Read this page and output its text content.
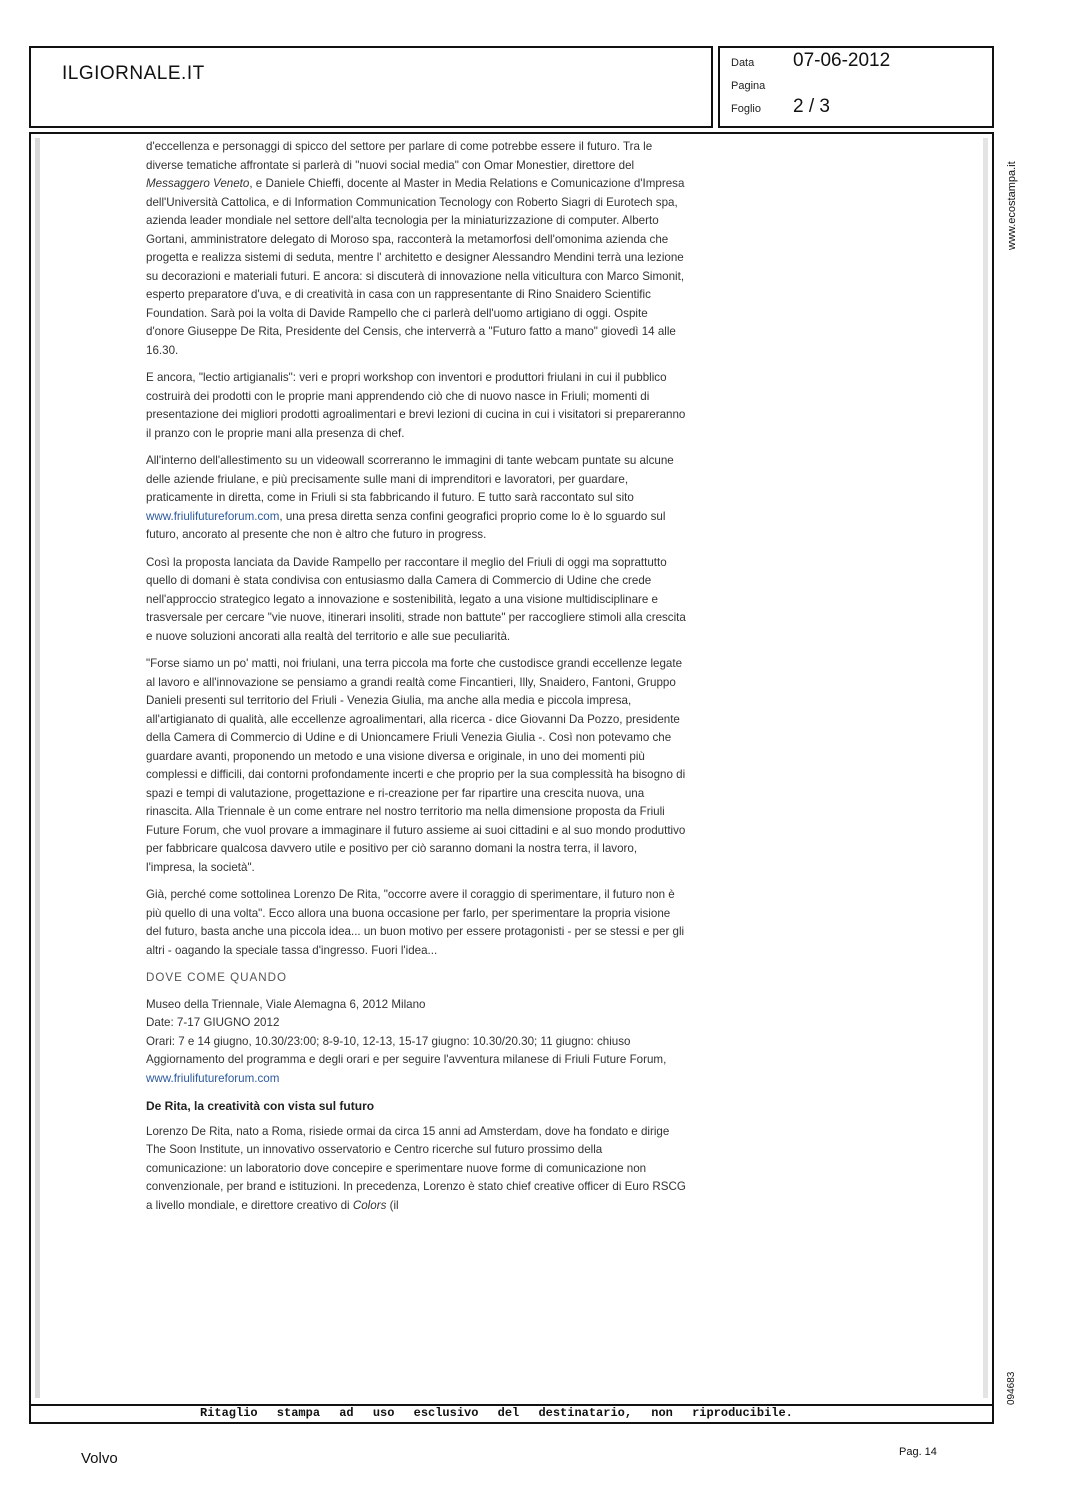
ILGIORNALE.IT	Data 07-06-2012
Pagina
Foglio 2 / 3

d'eccellenza e personaggi di spicco del settore per parlare di come potrebbe essere il futuro. Tra le diverse tematiche affrontate si parlerà di "nuovi social media" con Omar Monestier, direttore del Messaggero Veneto, e Daniele Chieffi, docente al Master in Media Relations e Comunicazione d'Impresa dell'Università Cattolica, e di Information Communication Tecnology con Roberto Siagri di Eurotech spa, azienda leader mondiale nel settore dell'alta tecnologia per la miniaturizzazione di computer. Alberto Gortani, amministratore delegato di Moroso spa, racconterà la metamorfosi dell'omonima azienda che progetta e realizza sistemi di seduta, mentre l' architetto e designer Alessandro Mendini terrà una lezione su decorazioni e materiali futuri. E ancora: si discuterà di innovazione nella viticultura con Marco Simonit, esperto preparatore d'uva, e di creatività in casa con un rappresentante di Rino Snaidero Scientific Foundation. Sarà poi la volta di Davide Rampello che ci parlerà dell'uomo artigiano di oggi. Ospite d'onore Giuseppe De Rita, Presidente del Censis, che interverrà a "Futuro fatto a mano" giovedì 14 alle 16.30.

E ancora, "lectio artigianalis": veri e propri workshop con inventori e produttori friulani in cui il pubblico costruirà dei prodotti con le proprie mani apprendendo ciò che di nuovo nasce in Friuli; momenti di presentazione dei migliori prodotti agroalimentari e brevi lezioni di cucina in cui i visitatori si prepareranno il pranzo con le proprie mani alla presenza di chef.

All'interno dell'allestimento su un videowall scorreranno le immagini di tante webcam puntate su alcune delle aziende friulane, e più precisamente sulle mani di imprenditori e lavoratori, per guardare, praticamente in diretta, come in Friuli si sta fabbricando il futuro. E tutto sarà raccontato sul sito www.friulifutureforum.com, una presa diretta senza confini geografici proprio come lo è lo sguardo sul futuro, ancorato al presente che non è altro che futuro in progress.

Così la proposta lanciata da Davide Rampello per raccontare il meglio del Friuli di oggi ma soprattutto quello di domani è stata condivisa con entusiasmo dalla Camera di Commercio di Udine che crede nell'approccio strategico legato a innovazione e sostenibilità, legato a una visione multidisciplinare e trasversale per cercare "vie nuove, itinerari insoliti, strade non battute" per raccogliere stimoli alla crescita e nuove soluzioni ancorati alla realtà del territorio e alle sue peculiarità.

"Forse siamo un po' matti, noi friulani, una terra piccola ma forte che custodisce grandi eccellenze legate al lavoro e all'innovazione se pensiamo a grandi realtà come Fincantieri, Illy, Snaidero, Fantoni, Gruppo Danieli presenti sul territorio del Friuli - Venezia Giulia, ma anche alla media e piccola impresa, all'artigianato di qualità, alle eccellenze agroalimentari, alla ricerca - dice Giovanni Da Pozzo, presidente della Camera di Commercio di Udine e di Unioncamere Friuli Venezia Giulia -. Così non potevamo che guardare avanti, proponendo un metodo e una visione diversa e originale, in uno dei momenti più complessi e difficili, dai contorni profondamente incerti e che proprio per la sua complessità ha bisogno di spazi e tempi di valutazione, progettazione e ri-creazione per far ripartire una crescita nuova, una rinascita. Alla Triennale è un come entrare nel nostro territorio ma nella dimensione proposta da Friuli Future Forum, che vuol provare a immaginare il futuro assieme ai suoi cittadini e al suo mondo produttivo per fabbricare qualcosa davvero utile e positivo per ciò saranno domani la nostra terra, il lavoro, l'impresa, la società".

Già, perché come sottolinea Lorenzo De Rita, "occorre avere il coraggio di sperimentare, il futuro non è più quello di una volta". Ecco allora una buona occasione per farlo, per sperimentare la propria visione del futuro, basta anche una piccola idea... un buon motivo per essere protagonisti - per se stessi e per gli altri - oagando la speciale tassa d'ingresso. Fuori l'idea...

DOVE COME QUANDO
Museo della Triennale, Viale Alemagna 6, 2012 Milano
Date: 7-17 GIUGNO 2012
Orari: 7 e 14 giugno, 10.30/23:00; 8-9-10, 12-13, 15-17 giugno: 10.30/20.30; 11 giugno: chiuso

Aggiornamento del programma e degli orari e per seguire l'avventura milanese di Friuli Future Forum, www.friulifutureforum.com

De Rita, la creatività con vista sul futuro

Lorenzo De Rita, nato a Roma, risiede ormai da circa 15 anni ad Amsterdam, dove ha fondato e dirige The Soon Institute, un innovativo osservatorio e Centro ricerche sul futuro prossimo della comunicazione: un laboratorio dove concepire e sperimentare nuove forme di comunicazione non convenzionale, per brand e istituzioni. In precedenza, Lorenzo è stato chief creative officer di Euro RSCG a livello mondiale, e direttore creativo di Colors (il

www.ecostampa.it
094683
Ritaglio stampa ad uso esclusivo del destinatario, non riproducibile.
Volvo	Pag. 14
